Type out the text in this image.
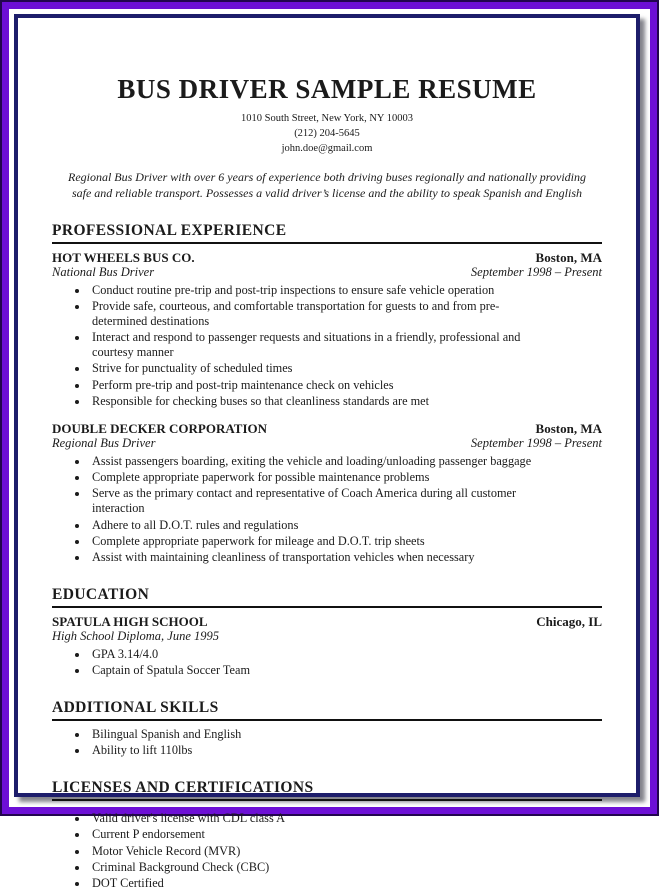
BUS DRIVER SAMPLE RESUME
1010 South Street, New York, NY 10003
(212) 204-5645
john.doe@gmail.com

Regional Bus Driver with over 6 years of experience both driving buses regionally and nationally providing safe and reliable transport. Possesses a valid driver’s license and the ability to speak Spanish and English

PROFESSIONAL EXPERIENCE
HOT WHEELS BUS CO.	Boston, MA
National Bus Driver	September 1998 – Present
• Conduct routine pre-trip and post-trip inspections to ensure safe vehicle operation
• Provide safe, courteous, and comfortable transportation for guests to and from pre-determined destinations
• Interact and respond to passenger requests and situations in a friendly, professional and courtesy manner
• Strive for punctuality of scheduled times
• Perform pre-trip and post-trip maintenance check on vehicles
• Responsible for checking buses so that cleanliness standards are met
DOUBLE DECKER CORPORATION	Boston, MA
Regional Bus Driver	September 1998 – Present
• Assist passengers boarding, exiting the vehicle and loading/unloading passenger baggage
• Complete appropriate paperwork for possible maintenance problems
• Serve as the primary contact and representative of Coach America during all customer interaction
• Adhere to all D.O.T. rules and regulations
• Complete appropriate paperwork for mileage and D.O.T. trip sheets
• Assist with maintaining cleanliness of transportation vehicles when necessary
EDUCATION
SPATULA HIGH SCHOOL	Chicago, IL
High School Diploma, June 1995
• GPA 3.14/4.0
• Captain of Spatula Soccer Team
ADDITIONAL SKILLS
• Bilingual Spanish and English
• Ability to lift 110lbs
LICENSES AND CERTIFICATIONS
• Valid driver's license with CDL class A
• Current P endorsement
• Motor Vehicle Record (MVR)
• Criminal Background Check (CBC)
• DOT Certified
